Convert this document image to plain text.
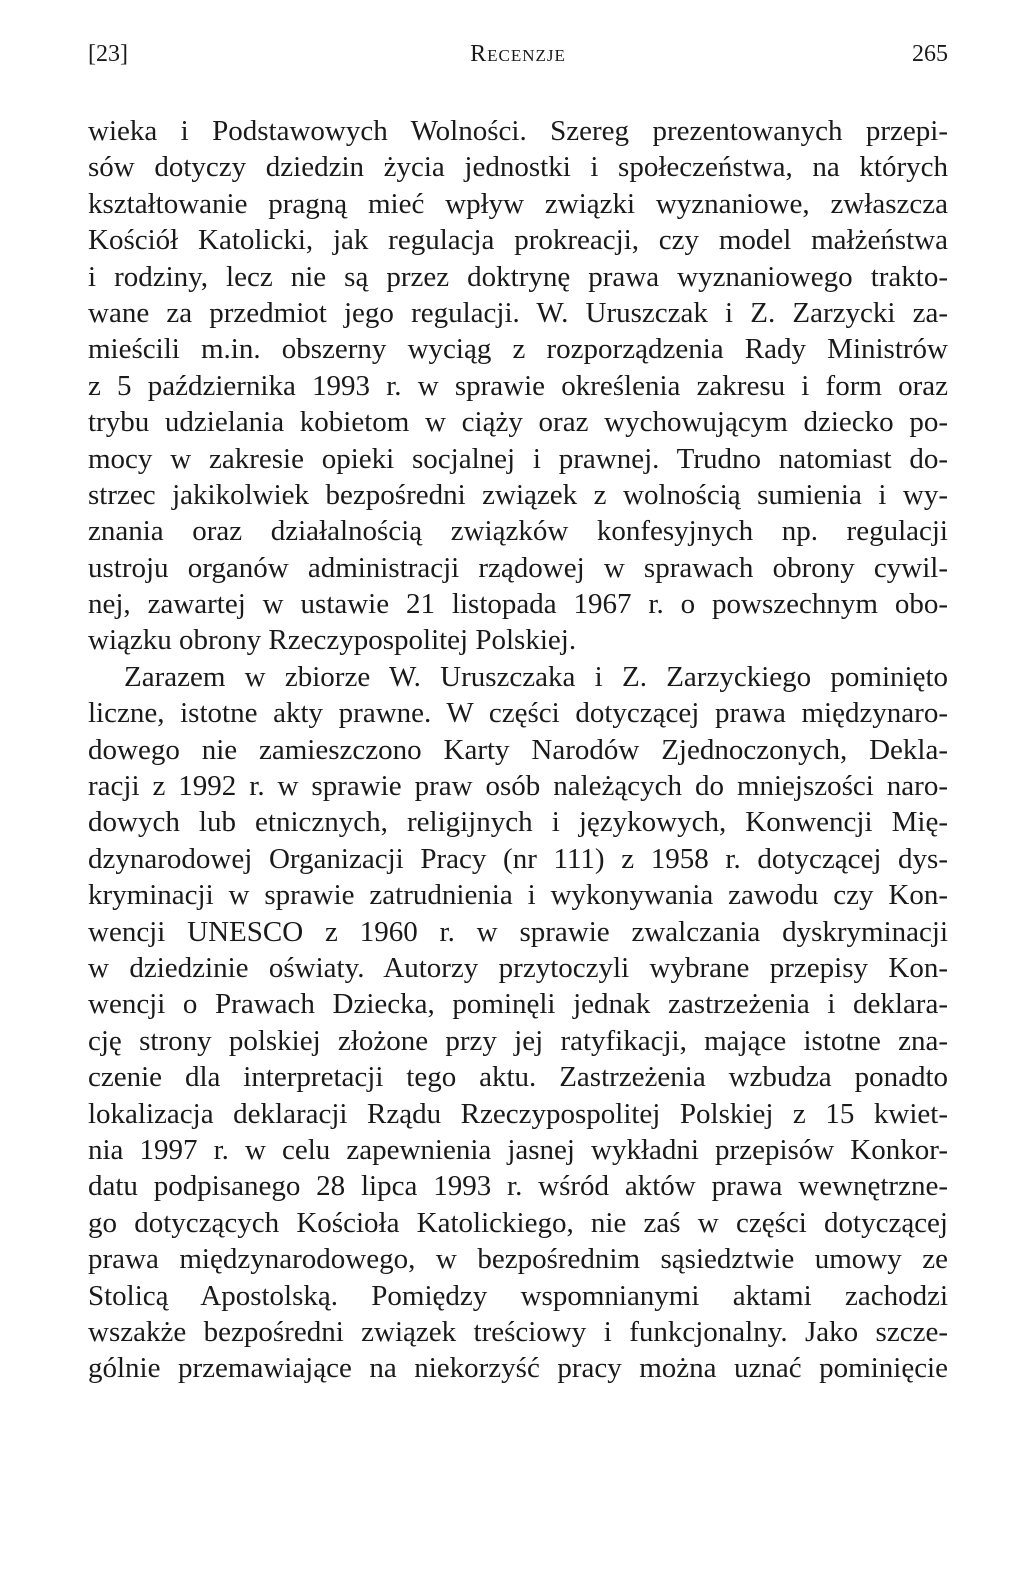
[23]	Recenzje	265
wieka i Podstawowych Wolności. Szereg prezentowanych przepi-
sów dotyczy dziedzin życia jednostki i społeczeństwa, na których
kształtowanie pragną mieć wpływ związki wyznaniowe, zwłaszcza
Kościół Katolicki, jak regulacja prokreacji, czy model małżeństwa
i rodziny, lecz nie są przez doktrynę prawa wyznaniowego trakto-
wane za przedmiot jego regulacji. W. Uruszczak i Z. Zarzycki za-
mieścili m.in. obszerny wyciąg z rozporządzenia Rady Ministrów
z 5 października 1993 r. w sprawie określenia zakresu i form oraz
trybu udzielania kobietom w ciąży oraz wychowującym dziecko po-
mocy w zakresie opieki socjalnej i prawnej. Trudno natomiast do-
strzec jakikolwiek bezpośredni związek z wolnością sumienia i wy-
znania oraz działalnością związków konfesyjnych np. regulacji
ustroju organów administracji rządowej w sprawach obrony cywil-
nej, zawartej w ustawie 21 listopada 1967 r. o powszechnym obo-
wiązku obrony Rzeczypospolitej Polskiej.
Zarazem w zbiorze W. Uruszczaka i Z. Zarzyckiego pominięto
liczne, istotne akty prawne. W części dotyczącej prawa międzynaro-
dowego nie zamieszczono Karty Narodów Zjednoczonych, Dekla-
racji z 1992 r. w sprawie praw osób należących do mniejszości naro-
dowych lub etnicznych, religijnych i językowych, Konwencji Mię-
dzynarodowej Organizacji Pracy (nr 111) z 1958 r. dotyczącej dys-
kryminacji w sprawie zatrudnienia i wykonywania zawodu czy Kon-
wencji UNESCO z 1960 r. w sprawie zwalczania dyskryminacji
w dziedzinie oświaty. Autorzy przytoczyli wybrane przepisy Kon-
wencji o Prawach Dziecka, pominęli jednak zastrzeżenia i deklara-
cję strony polskiej złożone przy jej ratyfikacji, mające istotne zna-
czenie dla interpretacji tego aktu. Zastrzeżenia wzbudza ponadto
lokalizacja deklaracji Rządu Rzeczypospolitej Polskiej z 15 kwiet-
nia 1997 r. w celu zapewnienia jasnej wykładni przepisów Konkor-
datu podpisanego 28 lipca 1993 r. wśród aktów prawa wewnętrzne-
go dotyczących Kościoła Katolickiego, nie zaś w części dotyczącej
prawa międzynarodowego, w bezpośrednim sąsiedztwie umowy ze
Stolicą Apostolską. Pomiędzy wspomnianymi aktami zachodzi
wszakże bezpośredni związek treściowy i funkcjonalny. Jako szcze-
gólnie przemawiające na niekorzyść pracy można uznać pominięcie
